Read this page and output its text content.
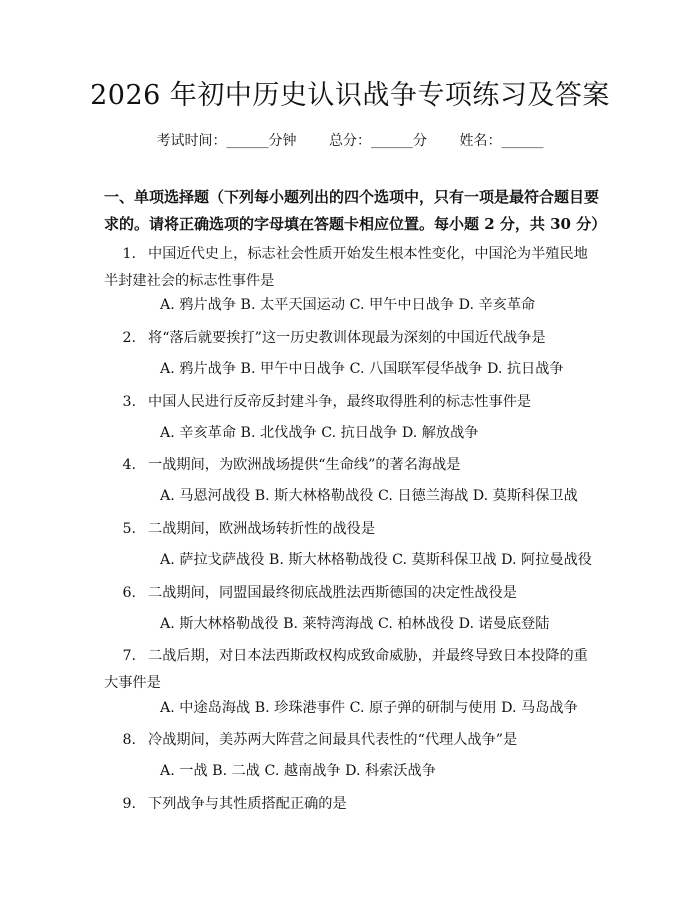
2026 年初中历史认识战争专项练习及答案
考试时间：______分钟 总分：______分 姓名：______
一、单项选择题（下列每小题列出的四个选项中，只有一项是最符合题目要求的。请将正确选项的字母填在答题卡相应位置。每小题 2 分，共 30 分）
1. 中国近代史上，标志社会性质开始发生根本性变化，中国沦为半殖民地半封建社会的标志性事件是
A. 鸦片战争 B. 太平天国运动 C. 甲午中日战争 D. 辛亥革命
2. 将“落后就要挨打”这一历史教训体现最为深刻的中国近代战争是
A. 鸦片战争 B. 甲午中日战争 C. 八国联军侵华战争 D. 抗日战争
3. 中国人民进行反帝反封建斗争，最终取得胜利的标志性事件是
A. 辛亥革命 B. 北伐战争 C. 抗日战争 D. 解放战争
4. 一战期间，为欧洲战场提供“生命线”的著名海战是
A. 马恩河战役 B. 斯大林格勒战役 C. 日德兰海战 D. 莫斯科保卫战
5. 二战期间，欧洲战场转折性的战役是
A. 萨拉戈萨战役 B. 斯大林格勒战役 C. 莫斯科保卫战 D. 阿拉曼战役
6. 二战期间，同盟国最终彻底战胜法西斯德国的决定性战役是
A. 斯大林格勒战役 B. 莱特湾海战 C. 柏林战役 D. 诺曼底登陆
7. 二战后期，对日本法西斯政权构成致命威胁，并最终导致日本投降的重大事件是
A. 中途岛海战 B. 珍珠港事件 C. 原子弹的研制与使用 D. 马岛战争
8. 冷战期间，美苏两大阵营之间最具代表性的“代理人战争”是
A. 一战 B. 二战 C. 越南战争 D. 科索沃战争
9. 下列战争与其性质搭配正确的是
